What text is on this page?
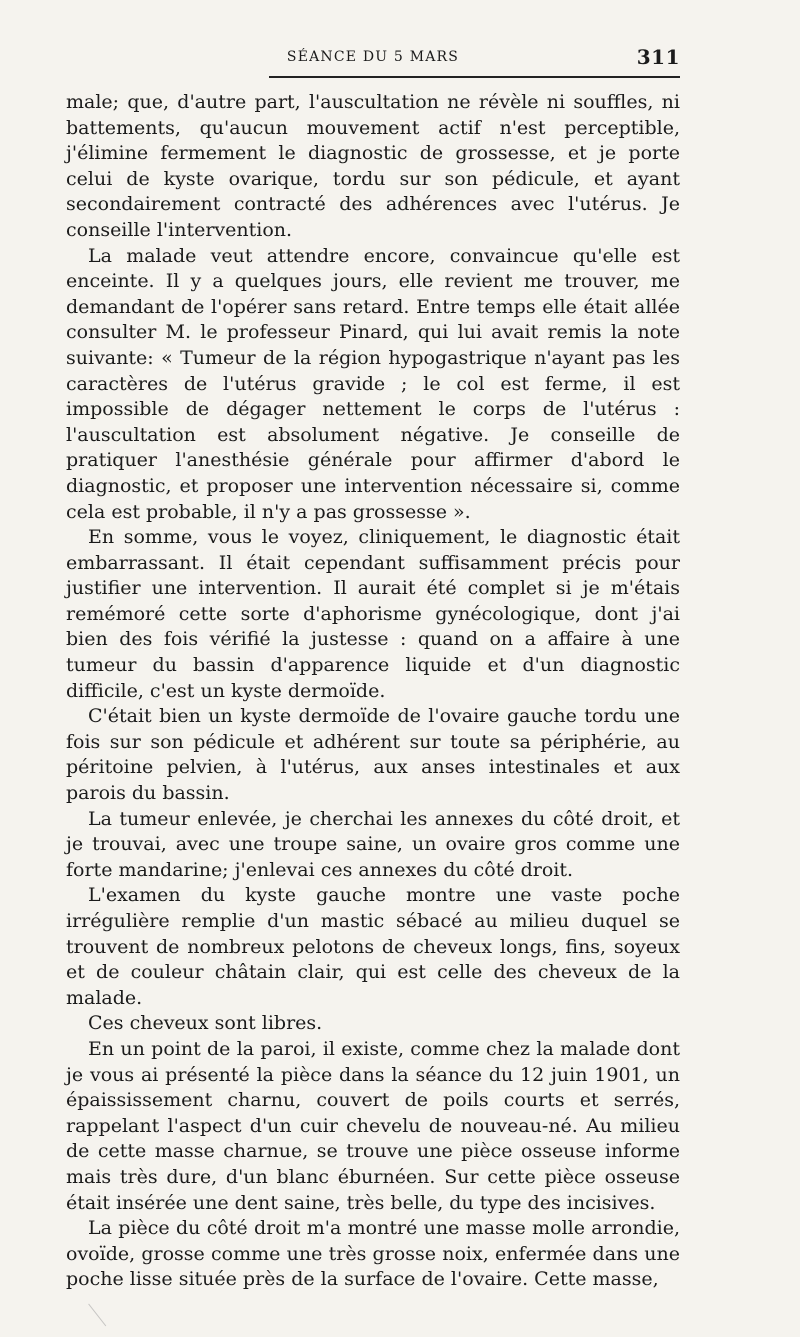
SÉANCE DU 5 MARS	311

male; que, d'autre part, l'auscultation ne révèle ni souffles, ni battements, qu'aucun mouvement actif n'est perceptible, j'élimine fermement le diagnostic de grossesse, et je porte celui de kyste ovarique, tordu sur son pédicule, et ayant secondairement contracté des adhérences avec l'utérus. Je conseille l'intervention.

La malade veut attendre encore, convaincue qu'elle est enceinte. Il y a quelques jours, elle revient me trouver, me demandant de l'opérer sans retard. Entre temps elle était allée consulter M. le professeur Pinard, qui lui avait remis la note suivante: « Tumeur de la région hypogastrique n'ayant pas les caractères de l'utérus gravide ; le col est ferme, il est impossible de dégager nettement le corps de l'utérus : l'auscultation est absolument négative. Je conseille de pratiquer l'anesthésie générale pour affirmer d'abord le diagnostic, et proposer une intervention nécessaire si, comme cela est probable, il n'y a pas grossesse ».

En somme, vous le voyez, cliniquement, le diagnostic était embarrassant. Il était cependant suffisamment précis pour justifier une intervention. Il aurait été complet si je m'étais remémoré cette sorte d'aphorisme gynécologique, dont j'ai bien des fois vérifié la justesse : quand on a affaire à une tumeur du bassin d'apparence liquide et d'un diagnostic difficile, c'est un kyste dermoïde.

C'était bien un kyste dermoïde de l'ovaire gauche tordu une fois sur son pédicule et adhérent sur toute sa périphérie, au péritoine pelvien, à l'utérus, aux anses intestinales et aux parois du bassin.

La tumeur enlevée, je cherchai les annexes du côté droit, et je trouvai, avec une troupe saine, un ovaire gros comme une forte mandarine; j'enlevai ces annexes du côté droit.

L'examen du kyste gauche montre une vaste poche irrégulière remplie d'un mastic sébacé au milieu duquel se trouvent de nombreux pelotons de cheveux longs, fins, soyeux et de couleur châtain clair, qui est celle des cheveux de la malade.

Ces cheveux sont libres.

En un point de la paroi, il existe, comme chez la malade dont je vous ai présenté la pièce dans la séance du 12 juin 1901, un épaississement charnu, couvert de poils courts et serrés, rappelant l'aspect d'un cuir chevelu de nouveau-né. Au milieu de cette masse charnue, se trouve une pièce osseuse informe mais très dure, d'un blanc éburnéen. Sur cette pièce osseuse était insérée une dent saine, très belle, du type des incisives.

La pièce du côté droit m'a montré une masse molle arrondie, ovoïde, grosse comme une très grosse noix, enfermée dans une poche lisse située près de la surface de l'ovaire. Cette masse,
